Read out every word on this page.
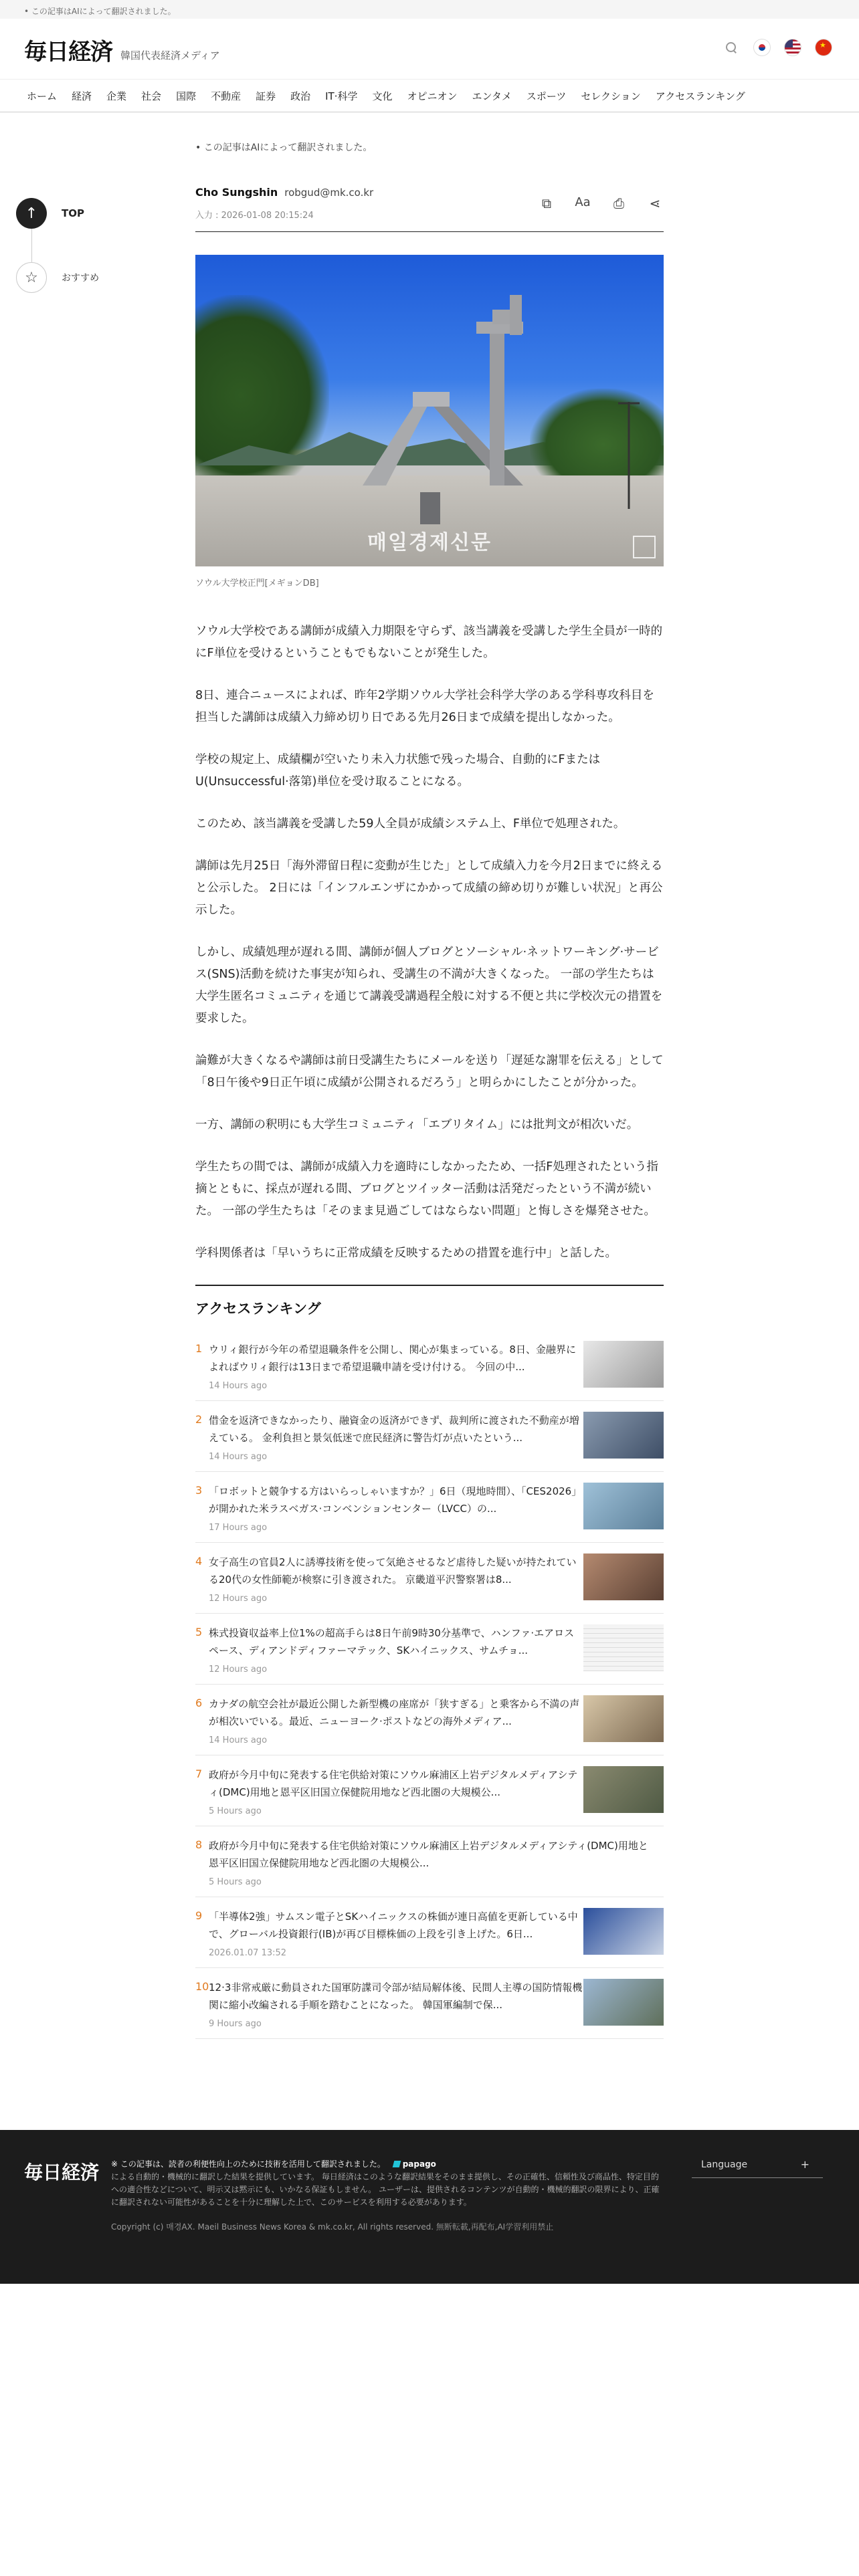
• この記事はAIによって翻訳されました。
毎日経済 韓国代表経済メディア
★
ホーム	経済	企業	社会	国際	不動産	証券	政治	IT·科学	文化	オピニオン	エンタメ	スポーツ	セレクション	アクセスランキング
↑	TOP
☆	おすすめ
• この記事はAIによって翻訳されました。
Cho Sungshin robgud@mk.co.kr
入力 : 2026-01-08 20:15:24
⧉	Aa ⎙ ⋖
매일경제신문
ソウル大学校正門[メギョンDB]

ソウル大学校である講師が成績入力期限を守らず、該当講義を受講した学生全員が一時的にF単位を受けるということもでもないことが発生した。

8日、連合ニュースによれば、昨年2学期ソウル大学社会科学大学のある学科専攻科目を担当した講師は成績入力締め切り日である先月26日まで成績を提出しなかった。

学校の規定上、成績欄が空いたり未入力状態で残った場合、自動的にFまたはU(Unsuccessful·落第)単位を受け取ることになる。

このため、該当講義を受講した59人全員が成績システム上、F単位で処理された。

講師は先月25日「海外滞留日程に変動が生じた」として成績入力を今月2日までに終えると公示した。 2日には「インフルエンザにかかって成績の締め切りが難しい状況」と再公示した。

しかし、成績処理が遅れる間、講師が個人ブログとソーシャル·ネットワーキング·サービス(SNS)活動を続けた事実が知られ、受講生の不満が大きくなった。 一部の学生たちは大学生匿名コミュニティを通じて講義受講過程全般に対する不便と共に学校次元の措置を要求した。

論難が大きくなるや講師は前日受講生たちにメールを送り「遅延な謝罪を伝える」として「8日午後や9日正午頃に成績が公開されるだろう」と明らかにしたことが分かった。

一方、講師の釈明にも大学生コミュニティ「エブリタイム」には批判文が相次いだ。

学生たちの間では、講師が成績入力を適時にしなかったため、一括F処理されたという指摘とともに、採点が遅れる間、ブログとツイッター活動は活発だったという不満が続いた。 一部の学生たちは「そのまま見過ごしてはならない問題」と悔しさを爆発させた。

学科関係者は「早いうちに正常成績を反映するための措置を進行中」と話した。

アクセスランキング
1 ウリィ銀行が今年の希望退職条件を公開し、関心が集まっている。8日、金融界によればウリィ銀行は13日まで希望退職申請を受け付ける。 今回の中...
14 Hours ago
2 借金を返済できなかったり、融資金の返済ができず、裁判所に渡された不動産が増えている。 金利負担と景気低迷で庶民経済に警告灯が点いたという...
14 Hours ago
3 「ロボットと競争する方はいらっしゃいますか？」6日（現地時間）、「CES2026」が開かれた米ラスベガス·コンベンションセンター（LVCC）の...
17 Hours ago
4 女子高生の官員2人に誘導技術を使って気絶させるなど虐待した疑いが持たれている20代の女性師範が検察に引き渡された。 京畿道平沢警察署は8...
12 Hours ago
5 株式投資収益率上位1%の超高手らは8日午前9時30分基準で、ハンファ·エアロスペース、ディアンドディファーマテック、SKハイニックス、サムチョ...
12 Hours ago
6 カナダの航空会社が最近公開した新型機の座席が「狭すぎる」と乗客から不満の声が相次いでいる。最近、ニューヨーク·ポストなどの海外メディア...
14 Hours ago
7 政府が今月中旬に発表する住宅供給対策にソウル麻浦区上岩デジタルメディアシティ(DMC)用地と恩平区旧国立保健院用地など西北圏の大規模公...
5 Hours ago
8 政府が今月中旬に発表する住宅供給対策にソウル麻浦区上岩デジタルメディアシティ(DMC)用地と恩平区旧国立保健院用地など西北圏の大規模公...
5 Hours ago
9 「半導体2強」サムスン電子とSKハイニックスの株価が連日高値を更新している中で、グローバル投資銀行(IB)が再び目標株価の上段を引き上げた。6日...
2026.01.07 13:52
10 12·3非常戒厳に動員された国軍防諜司令部が結局解体後、民間人主導の国防情報機関に縮小改編される手順を踏むことになった。 韓国軍編制で保...
9 Hours ago
毎日経済 ※ この記事は、読者の利便性向上のために技術を活用して翻訳されました。 papago
による自動的・機械的に翻訳した結果を提供しています。 毎日経済はこのような翻訳結果をそのまま提供し、その正確性、信頼性及び商品性、特定目的への適合性などについて、明示又は黙示にも、いかなる保証もしません。 ユーザーは、提供されるコンテンツが自動的・機械的翻訳の限界により、正確に翻訳されない可能性があることを十分に理解した上で、このサービスを利用する必要があります。
Copyright (c) 매경AX. Maeil Business News Korea & mk.co.kr, All rights reserved. 無断転載,再配布,AI学習利用禁止
Language	+
